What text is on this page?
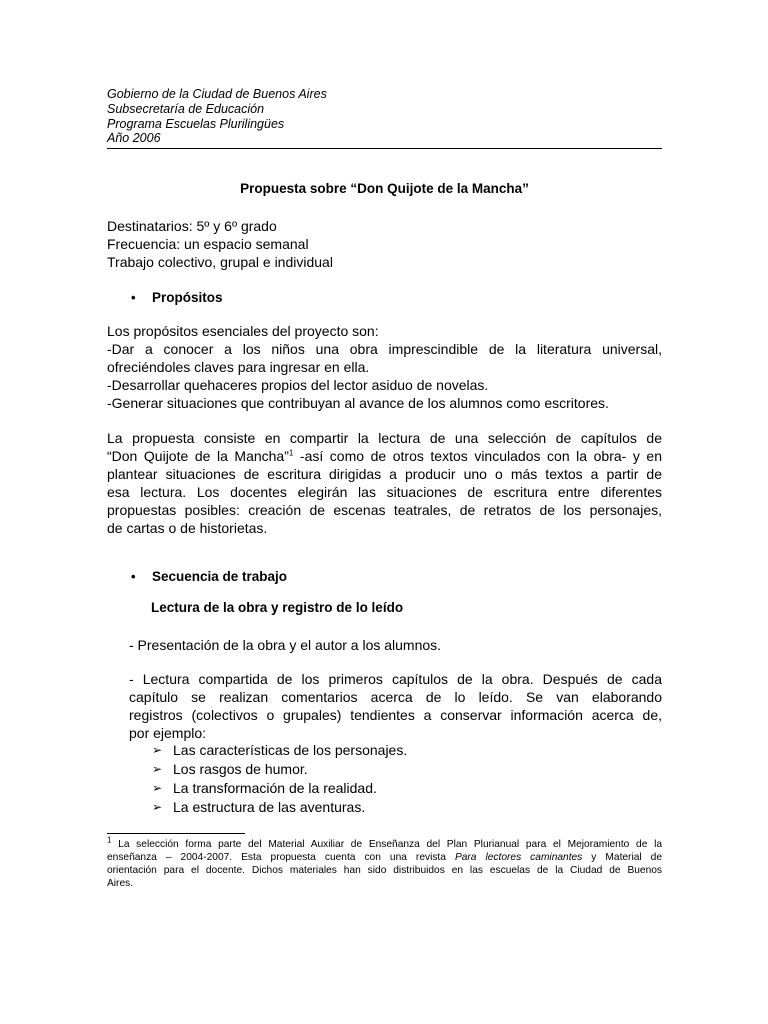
Gobierno de la Ciudad de Buenos Aires
Subsecretaría de Educación
Programa Escuelas Plurilingües
Año 2006
Propuesta sobre “Don Quijote de la Mancha”
Destinatarios: 5º y 6º grado
Frecuencia: un espacio semanal
Trabajo colectivo, grupal e individual
• Propósitos

Los propósitos esenciales del proyecto son:

-Dar a conocer a los niños una obra imprescindible de la literatura universal,

ofreciéndoles claves para ingresar en ella.

-Desarrollar quehaceres propios del lector asiduo de novelas.

-Generar situaciones que contribuyan al avance de los alumnos como escritores.

La propuesta consiste en compartir la lectura de una selección de capítulos de

“Don Quijote de la Mancha”$^1$ -así como de otros textos vinculados con la obra- y en

plantear situaciones de escritura dirigidas a producir uno o más textos a partir de

esa lectura. Los docentes elegirán las situaciones de escritura entre diferentes

propuestas posibles: creación de escenas teatrales, de retratos de los personajes,

de cartas o de historietas.

• Secuencia de trabajo
Lectura de la obra y registro de lo leído
- Presentación de la obra y el autor a los alumnos.

- Lectura compartida de los primeros capítulos de la obra. Después de cada

capítulo se realizan comentarios acerca de lo leído. Se van elaborando

registros (colectivos o grupales) tendientes a conservar información acerca de,

por ejemplo:

➢ Las características de los personajes.
➢ Los rasgos de humor.
➢ La transformación de la realidad.
➢ La estructura de las aventuras.

$^1$ La selección forma parte del Material Auxiliar de Enseñanza del Plan Plurianual para el Mejoramiento de la

enseñanza – 2004-2007. Esta propuesta cuenta con una revista Para lectores caminantes y Material de

orientación para el docente. Dichos materiales han sido distribuidos en las escuelas de la Ciudad de Buenos

Aires.
